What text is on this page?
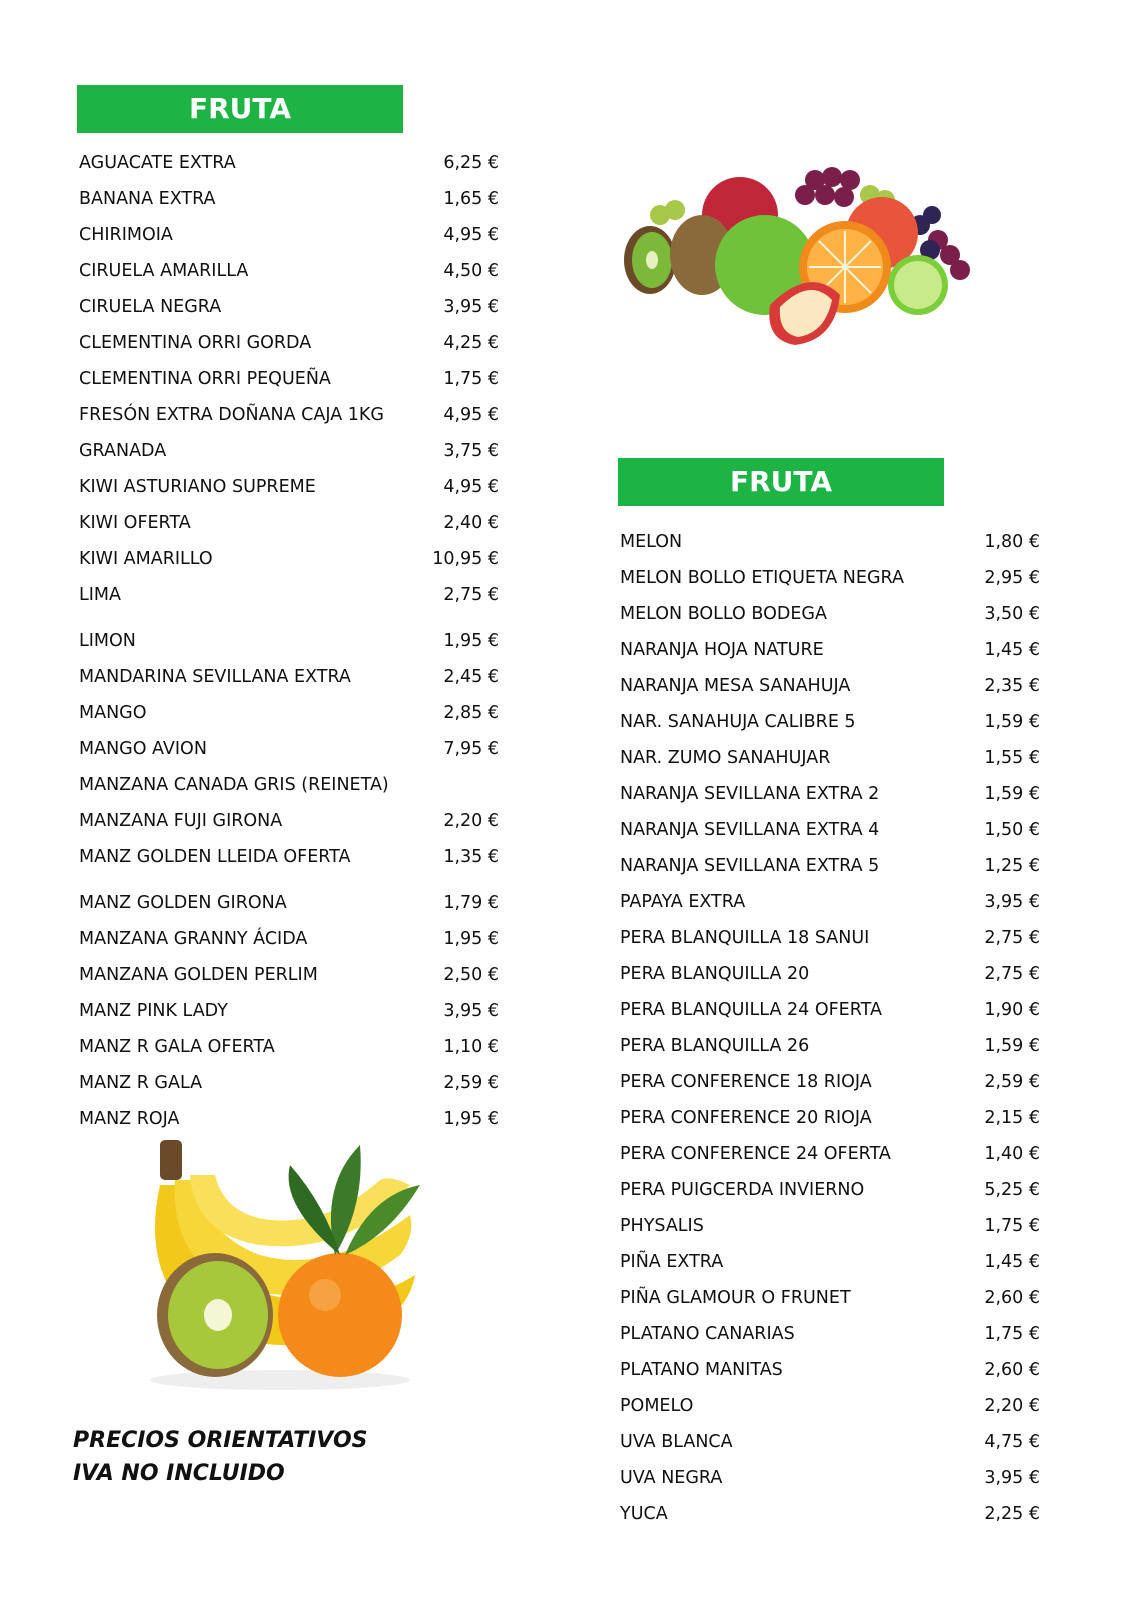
FRUTA
AGUACATE EXTRA	6,25 €
BANANA EXTRA	1,65 €
CHIRIMOIA	4,95 €
CIRUELA AMARILLA	4,50 €
CIRUELA NEGRA	3,95 €
CLEMENTINA ORRI GORDA	4,25 €
CLEMENTINA ORRI PEQUEÑA	1,75 €
FRESÓN EXTRA DOÑANA CAJA 1KG	4,95 €
GRANADA	3,75 €
KIWI ASTURIANO SUPREME	4,95 €
KIWI OFERTA	2,40 €
KIWI AMARILLO	10,95 €
LIMA	2,75 €
LIMON	1,95 €
MANDARINA SEVILLANA EXTRA	2,45 €
MANGO	2,85 €
MANGO AVION	7,95 €
MANZANA CANADA GRIS (REINETA)
MANZANA FUJI GIRONA	2,20 €
MANZ GOLDEN LLEIDA OFERTA	1,35 €
MANZ GOLDEN GIRONA	1,79 €
MANZANA GRANNY ÁCIDA	1,95 €
MANZANA GOLDEN PERLIM	2,50 €
MANZ PINK LADY	3,95 €
MANZ R GALA OFERTA	1,10 €
MANZ R GALA	2,59 €
MANZ ROJA	1,95 €
MELON	1,80 €
MELON BOLLO ETIQUETA NEGRA	2,95 €
MELON BOLLO BODEGA	3,50 €
NARANJA HOJA NATURE	1,45 €
NARANJA MESA SANAHUJA	2,35 €
NAR. SANAHUJA CALIBRE 5	1,59 €
NAR. ZUMO SANAHUJAR	1,55 €
NARANJA SEVILLANA EXTRA 2	1,59 €
NARANJA SEVILLANA EXTRA 4	1,50 €
NARANJA SEVILLANA EXTRA 5	1,25 €
PAPAYA EXTRA	3,95 €
PERA BLANQUILLA 18 SANUI	2,75 €
PERA BLANQUILLA 20	2,75 €
PERA BLANQUILLA 24 OFERTA	1,90 €
PERA BLANQUILLA 26	1,59 €
PERA CONFERENCE 18 RIOJA	2,59 €
PERA CONFERENCE 20 RIOJA	2,15 €
PERA CONFERENCE 24 OFERTA	1,40 €
PERA PUIGCERDA INVIERNO	5,25 €
PHYSALIS	1,75 €
PIÑA EXTRA	1,45 €
PIÑA GLAMOUR O FRUNET	2,60 €
PLATANO CANARIAS	1,75 €
PLATANO MANITAS	2,60 €
POMELO	2,20 €
UVA BLANCA	4,75 €
UVA NEGRA	3,95 €
YUCA	2,25 €
FRUTA
PRECIOS ORIENTATIVOS
IVA NO INCLUIDO
